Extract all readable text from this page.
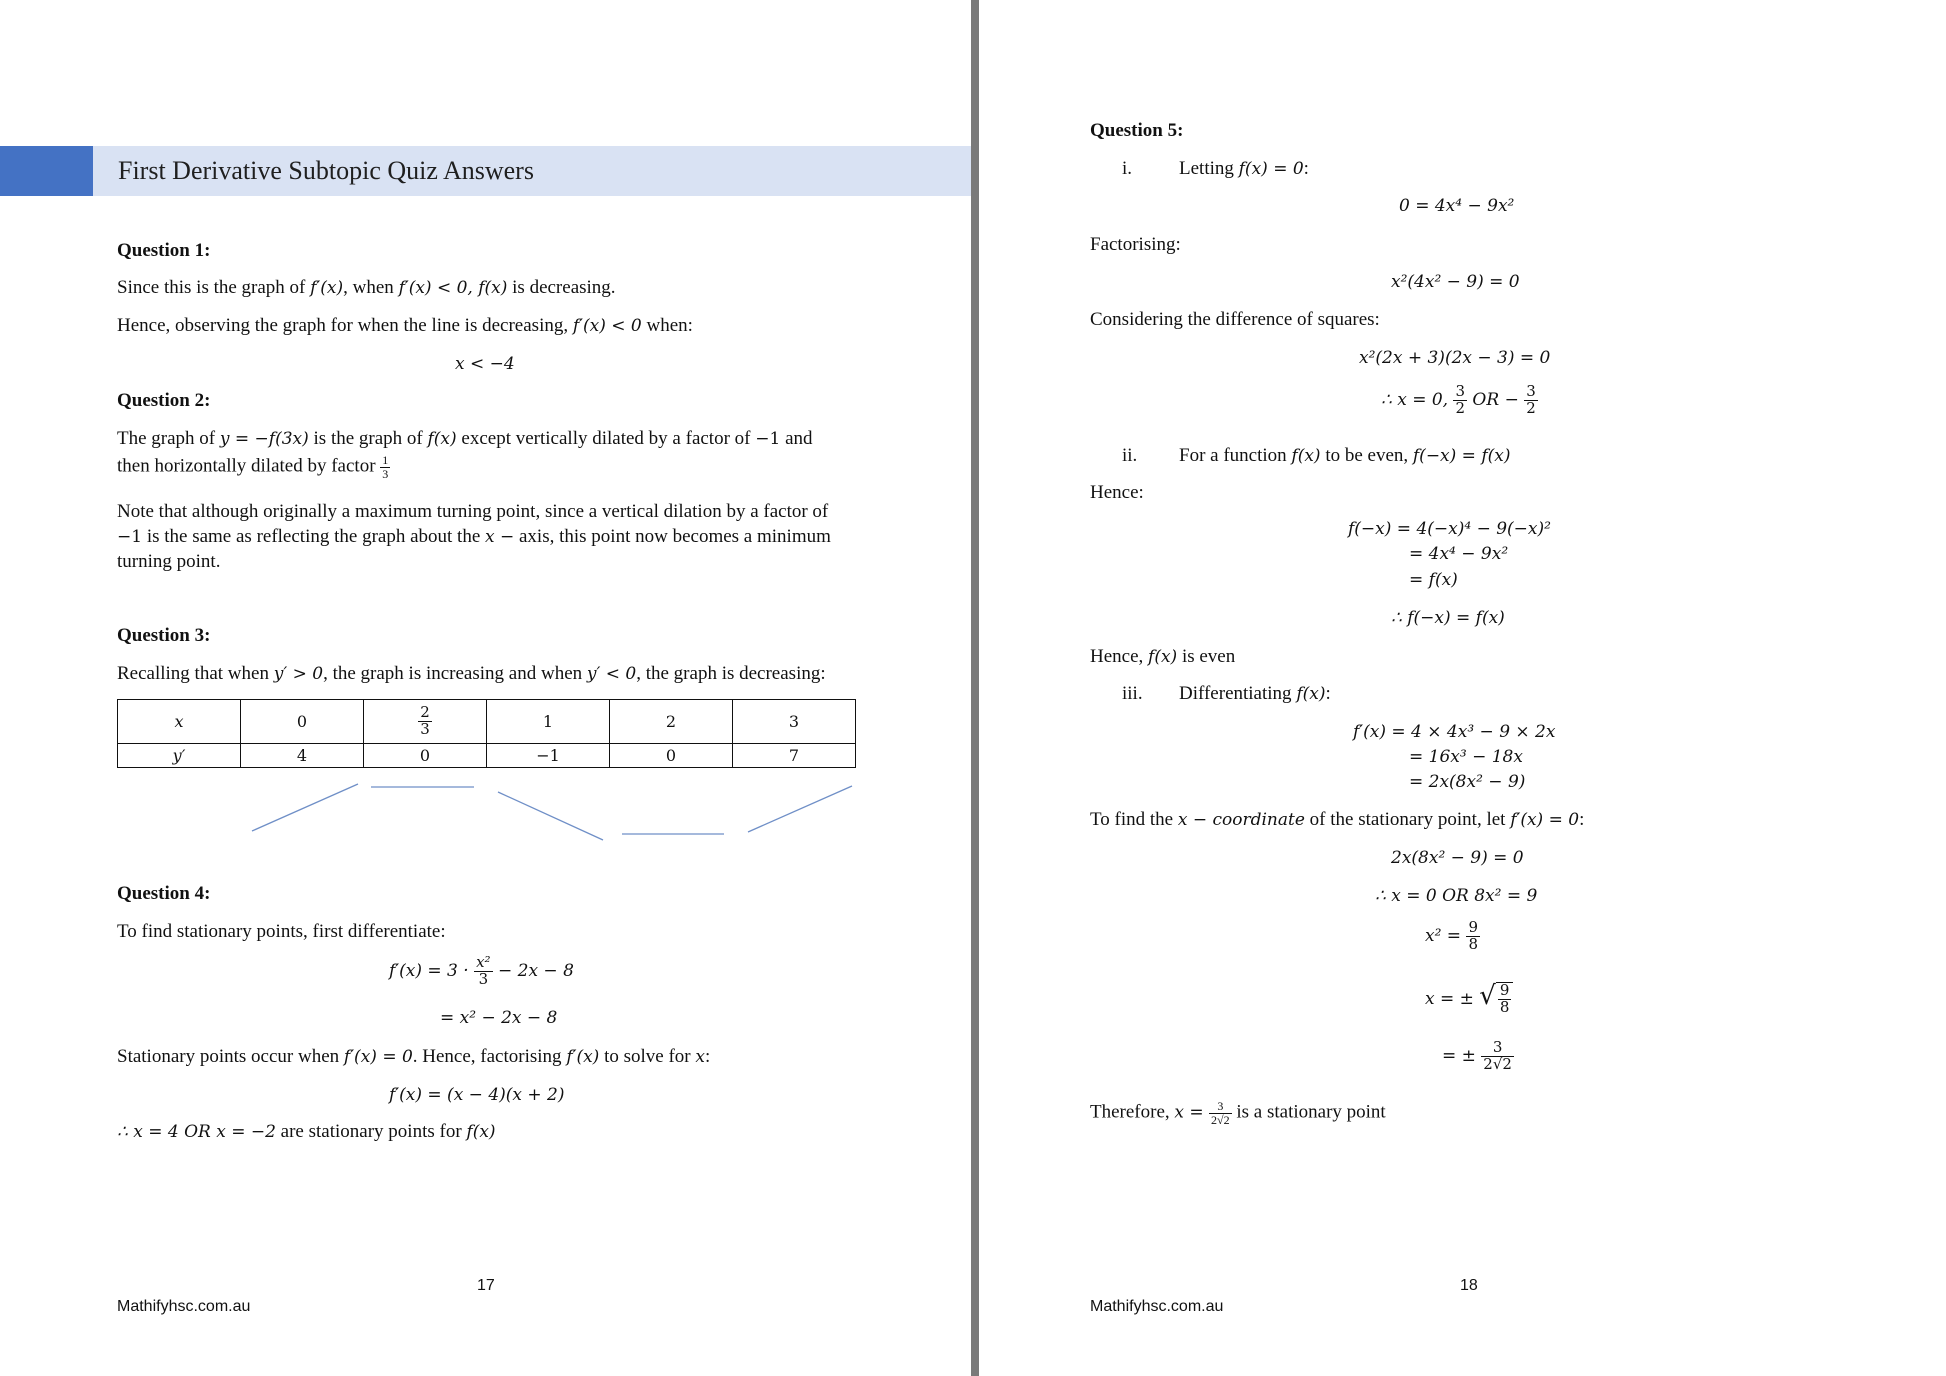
First Derivative Subtopic Quiz Answers
Question 1:
Since this is the graph of f′(x), when f′(x) < 0, f(x) is decreasing.
Hence, observing the graph for when the line is decreasing, f′(x) < 0 when:
x < −4
Question 2:
The graph of y = −f(3x) is the graph of f(x) except vertically dilated by a factor of −1 and
then horizontally dilated by factor $\frac{1}{3}$
Note that although originally a maximum turning point, since a vertical dilation by a factor of
−1 is the same as reflecting the graph about the x − axis, this point now becomes a minimum
turning point.
Question 3:
Recalling that when y′ > 0, the graph is increasing and when y′ < 0, the graph is decreasing:
x	0	$\frac{2}{3}$	1	2	3
y′	4	0	−1	0	7
Question 4:
To find stationary points, first differentiate:
$f'(x) = 3 \cdot \frac{\text{x²}}{3} - 2x - 8$
= x² − 2x − 8
Stationary points occur when f′(x) = 0. Hence, factorising f′(x) to solve for x:
f′(x) = (x − 4)(x + 2)
∴ x = 4 OR x = −2 are stationary points for f(x)
17
Mathifyhsc.com.au
Question 5:
i. Letting f(x) = 0:
0 = 4x⁴ − 9x²
Factorising:
x²(4x² − 9) = 0
Considering the difference of squares:
x²(2x + 3)(2x − 3) = 0
∴ x = 0, $\frac{3}{2}$ OR − $\frac{3}{2}$
ii. For a function f(x) to be even, f(−x) = f(x)
Hence:
f(−x) = 4(−x)⁴ − 9(−x)²
= 4x⁴ − 9x²
= f(x)
∴ f(−x) = f(x)
Hence, f(x) is even
iii. Differentiating f(x):
f′(x) = 4 × 4x³ − 9 × 2x
= 16x³ − 18x
= 2x(8x² − 9)
To find the x − coordinate of the stationary point, let f′(x) = 0:
2x(8x² − 9) = 0
∴ x = 0 OR 8x² = 9
$x^2 = \frac{9}{8}$
x = ± √ $\frac{9}{8}$
= ± $\frac{3}{2√2}$
Therefore, $x = \frac{3}{2√2}$ is a stationary point
18
Mathifyhsc.com.au
